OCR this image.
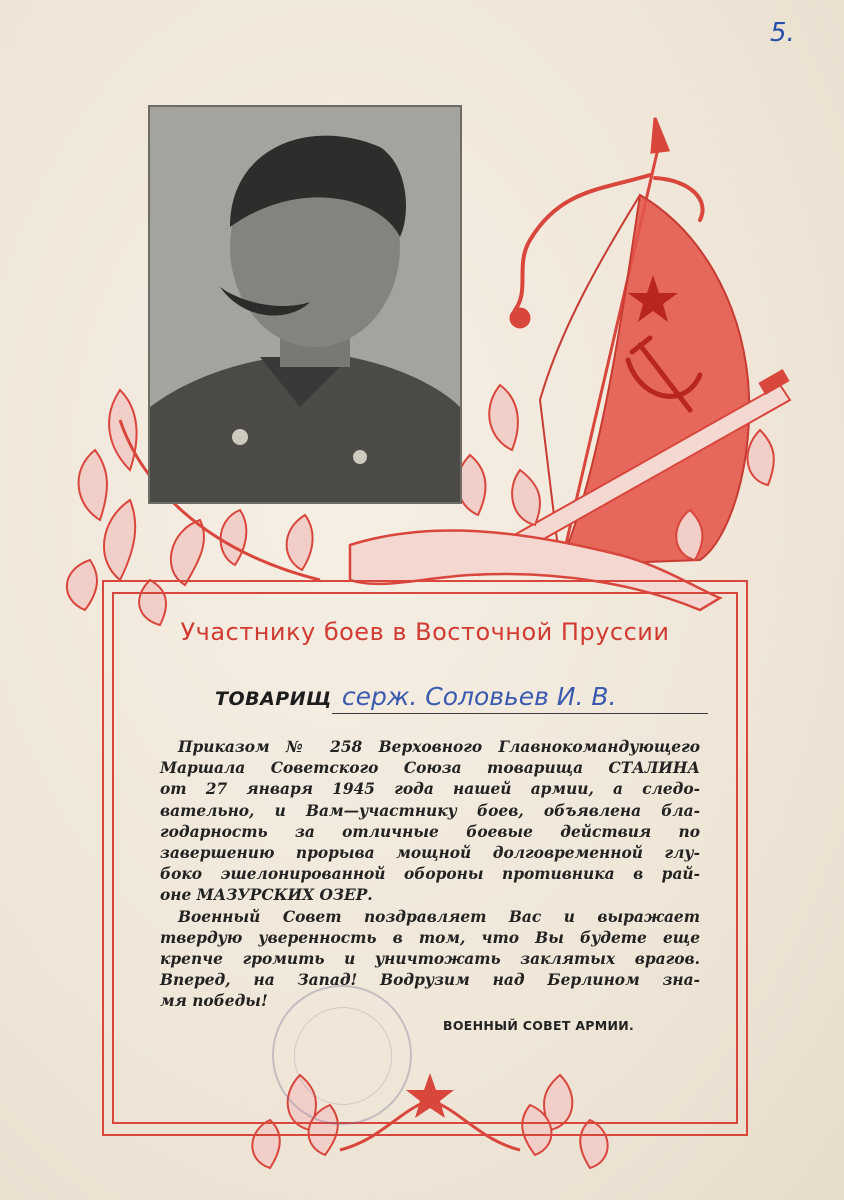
5.
Участнику боев в Восточной Пруссии
ТОВАРИЩ серж. Соловьев И. В.
Приказом № 258 Верховного Главнокомандующего
Маршала Советского Союза товарища СТАЛИНА
от 27 января 1945 года нашей армии, а следо-
вательно, и Вам—участнику боев, объявлена бла-
годарность за отличные боевые действия по
завершению прорыва мощной долговременной глу-
боко эшелонированной обороны противника в рай-
оне МАЗУРСКИХ ОЗЕР.
Военный Совет поздравляет Вас и выражает
твердую уверенность в том, что Вы будете еще
крепче громить и уничтожать заклятых врагов.
Вперед, на Запад! Водрузим над Берлином зна-
мя победы!
ВОЕННЫЙ СОВЕТ АРМИИ.
